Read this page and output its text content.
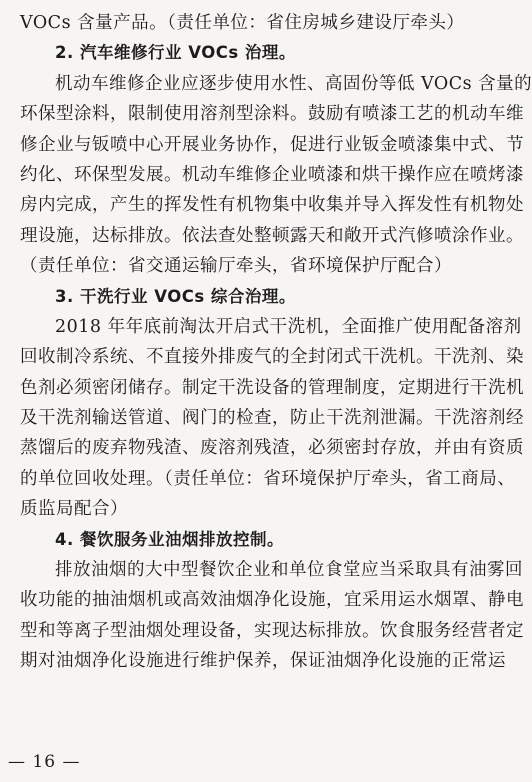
VOCs 含量产品。（责任单位：省住房城乡建设厅牵头）
2. 汽车维修行业 VOCs 治理。
机动车维修企业应逐步使用水性、高固份等低 VOCs 含量的
环保型涂料，限制使用溶剂型涂料。鼓励有喷漆工艺的机动车维
修企业与钣喷中心开展业务协作，促进行业钣金喷漆集中式、节
约化、环保型发展。机动车维修企业喷漆和烘干操作应在喷烤漆
房内完成，产生的挥发性有机物集中收集并导入挥发性有机物处
理设施，达标排放。依法查处整顿露天和敞开式汽修喷涂作业。
（责任单位：省交通运输厅牵头，省环境保护厅配合）
3. 干洗行业 VOCs 综合治理。
2018 年年底前淘汰开启式干洗机，全面推广使用配备溶剂
回收制冷系统、不直接外排废气的全封闭式干洗机。干洗剂、染
色剂必须密闭储存。制定干洗设备的管理制度，定期进行干洗机
及干洗剂输送管道、阀门的检查，防止干洗剂泄漏。干洗溶剂经
蒸馏后的废弃物残渣、废溶剂残渣，必须密封存放，并由有资质
的单位回收处理。（责任单位：省环境保护厅牵头，省工商局、
质监局配合）
4. 餐饮服务业油烟排放控制。
排放油烟的大中型餐饮企业和单位食堂应当采取具有油雾回
收功能的抽油烟机或高效油烟净化设施，宜采用运水烟罩、静电
型和等离子型油烟处理设备，实现达标排放。饮食服务经营者定
期对油烟净化设施进行维护保养，保证油烟净化设施的正常运
— 16 —
